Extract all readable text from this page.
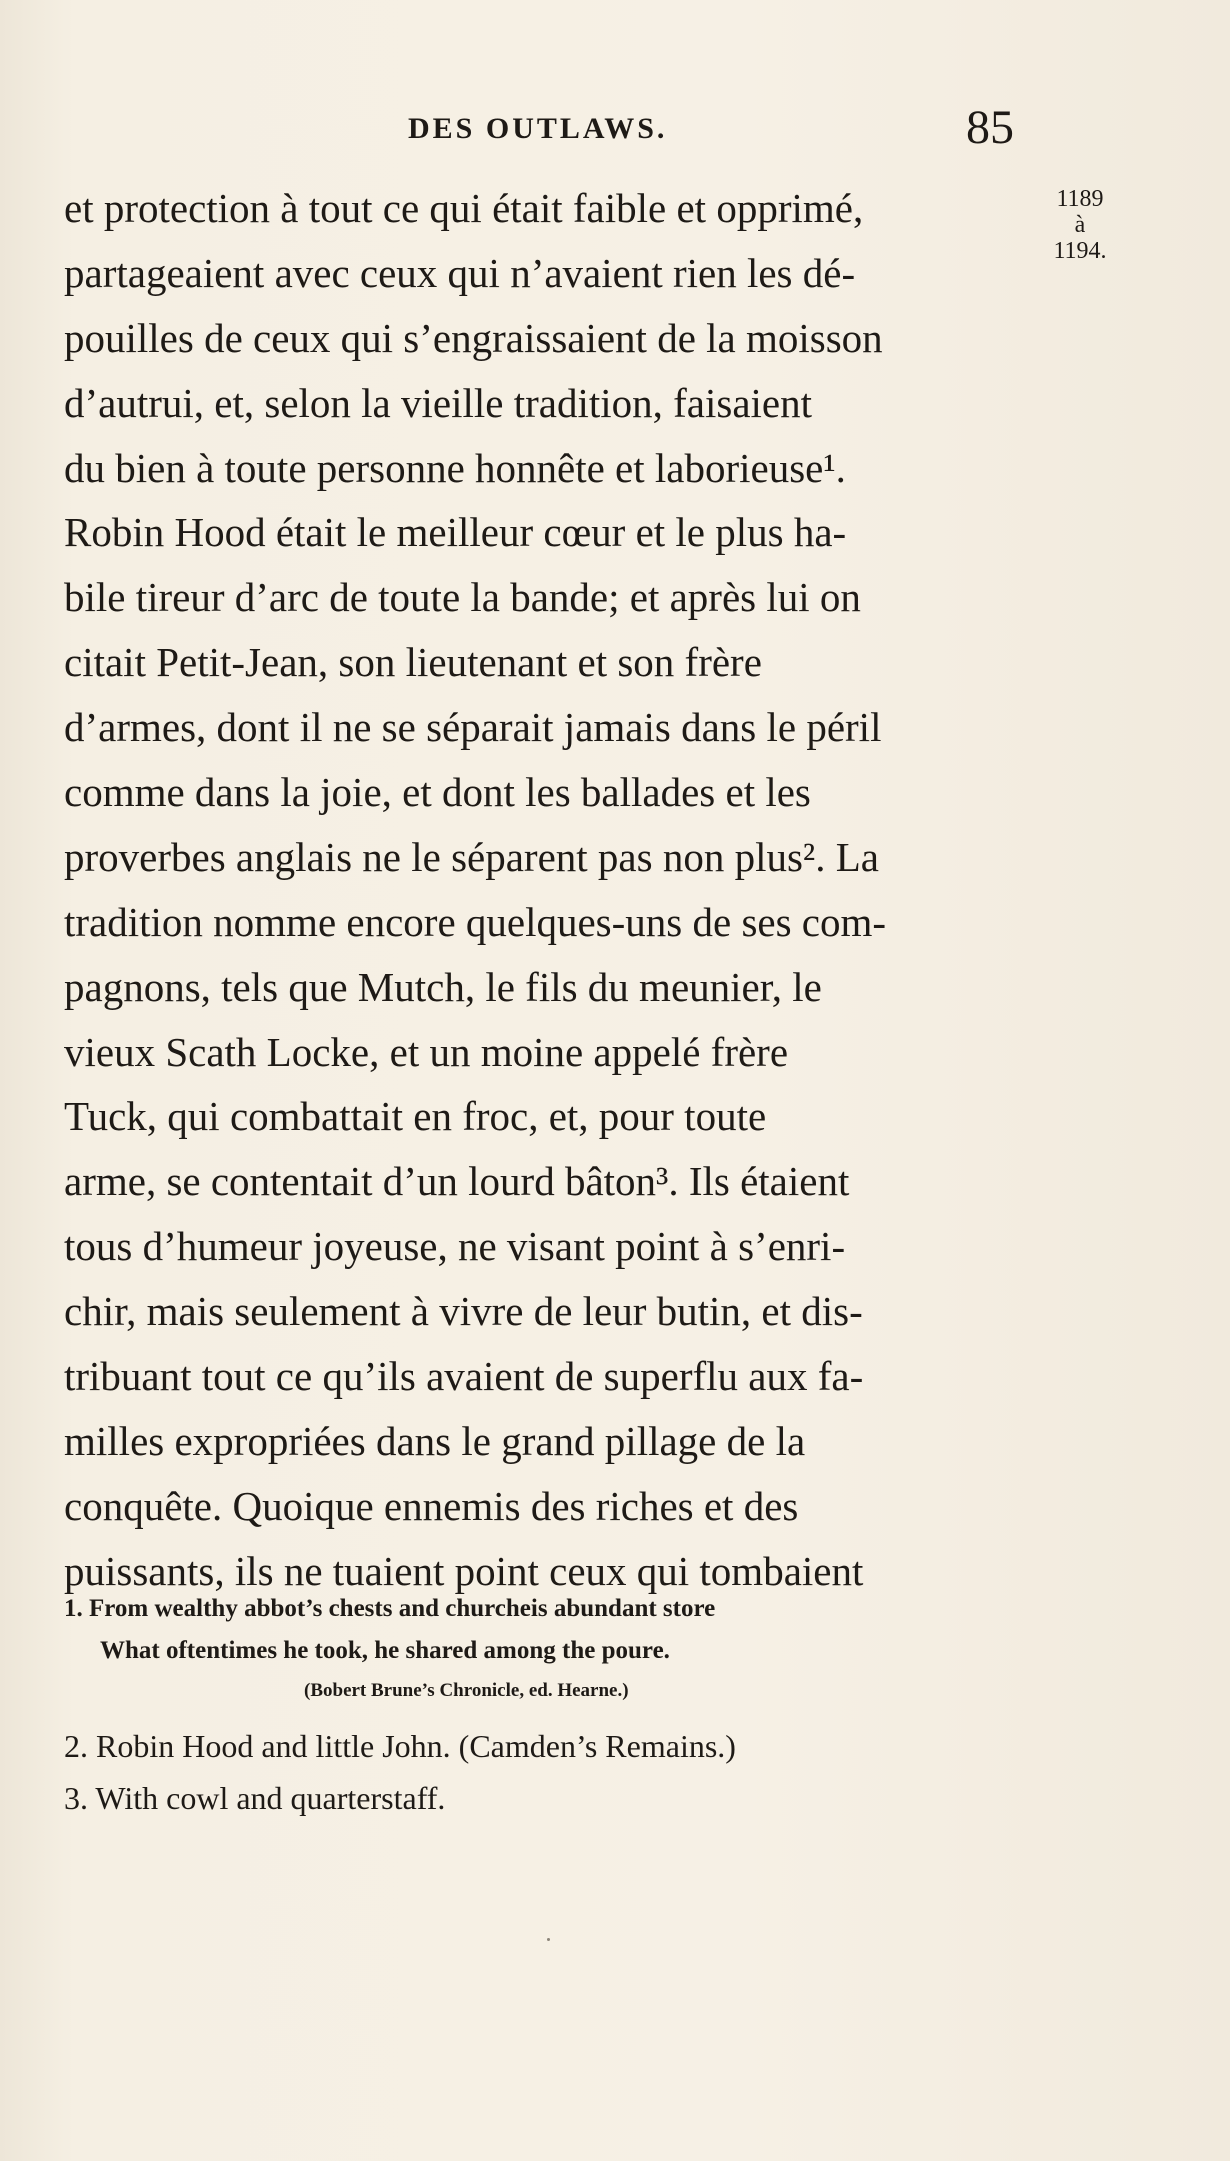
DES OUTLAWS.	85
1189
à
1194.
et protection à tout ce qui était faible et opprimé,
partageaient avec ceux qui n’avaient rien les dé-
pouilles de ceux qui s’engraissaient de la moisson
d’autrui, et, selon la vieille tradition, faisaient
du bien à toute personne honnête et laborieuse¹.
Robin Hood était le meilleur cœur et le plus ha-
bile tireur d’arc de toute la bande; et après lui on
citait Petit-Jean, son lieutenant et son frère
d’armes, dont il ne se séparait jamais dans le péril
comme dans la joie, et dont les ballades et les
proverbes anglais ne le séparent pas non plus². La
tradition nomme encore quelques-uns de ses com-
pagnons, tels que Mutch, le fils du meunier, le
vieux Scath Locke, et un moine appelé frère
Tuck, qui combattait en froc, et, pour toute
arme, se contentait d’un lourd bâton³. Ils étaient
tous d’humeur joyeuse, ne visant point à s’enri-
chir, mais seulement à vivre de leur butin, et dis-
tribuant tout ce qu’ils avaient de superflu aux fa-
milles expropriées dans le grand pillage de la
conquête. Quoique ennemis des riches et des
puissants, ils ne tuaient point ceux qui tombaient
1. From wealthy abbot’s chests and churcheis abundant store
What oftentimes he took, he shared among the poure.
(Bobert Brune’s Chronicle, ed. Hearne.)
2. Robin Hood and little John. (Camden’s Remains.)
3. With cowl and quarterstaff.
